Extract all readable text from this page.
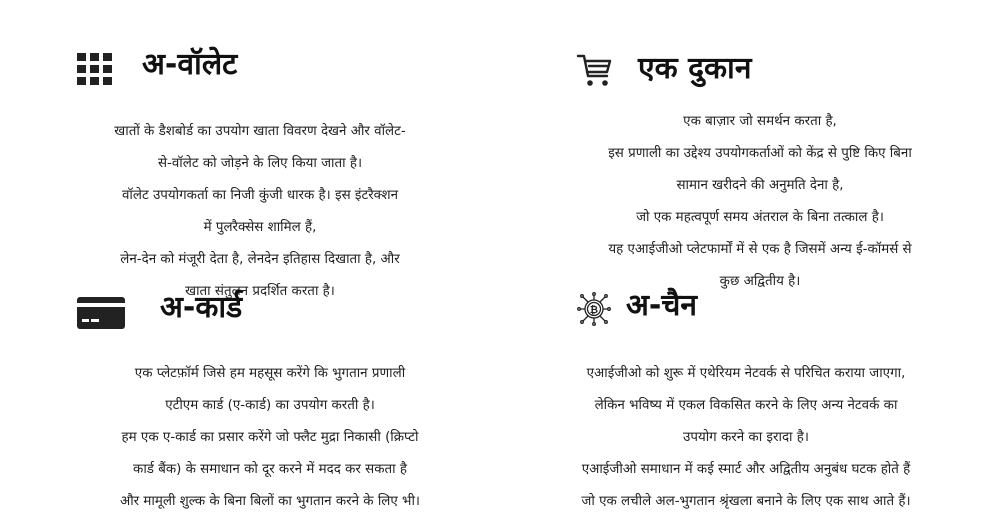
अ-वॉलेट

खातों के डैशबोर्ड का उपयोग खाता विवरण देखने और वॉलेट-

से-वॉलेट को जोड़ने के लिए किया जाता है।

वॉलेट उपयोगकर्ता का निजी कुंजी धारक है। इस इंटरैक्शन

में पुलरैक्सेस शामिल हैं,

लेन-देन को मंजूरी देता है, लेनदेन इतिहास दिखाता है, और

खाता संतुलन प्रदर्शित करता है।

एक दुकान

एक बाज़ार जो समर्थन करता है,

इस प्रणाली का उद्देश्य उपयोगकर्ताओं को केंद्र से पुष्टि किए बिना

सामान खरीदने की अनुमति देना है,

जो एक महत्वपूर्ण समय अंतराल के बिना तत्काल है।

यह एआईजीओ प्लेटफार्मों में से एक है जिसमें अन्य ई-कॉमर्स से

कुछ अद्वितीय है।

अ-कार्ड

एक प्लेटफ़ॉर्म जिसे हम महसूस करेंगे कि भुगतान प्रणाली

एटीएम कार्ड (ए-कार्ड) का उपयोग करती है।

हम एक ए-कार्ड का प्रसार करेंगे जो फ्लैट मुद्रा निकासी (क्रिप्टो

कार्ड बैंक) के समाधान को दूर करने में मदद कर सकता है

और मामूली शुल्क के बिना बिलों का भुगतान करने के लिए भी।

₿ अ-चैन

एआईजीओ को शुरू में एथेरियम नेटवर्क से परिचित कराया जाएगा,

लेकिन भविष्य में एकल विकसित करने के लिए अन्य नेटवर्क का

उपयोग करने का इरादा है।

एआईजीओ समाधान में कई स्मार्ट और अद्वितीय अनुबंध घटक होते हैं

जो एक लचीले अल-भुगतान श्रृंखला बनाने के लिए एक साथ आते हैं।
